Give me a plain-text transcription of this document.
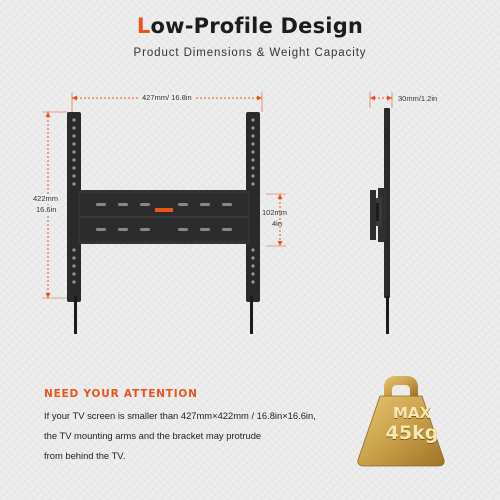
Low-Profile Design
Product Dimensions & Weight Capacity
427mm/ 16.8in
422mm
16.6in	102mm
4in
30mm/1.2in
NEED YOUR ATTENTION
If your TV screen is smaller than 427mm×422mm / 16.8in×16.6in,
the TV mounting arms and the bracket may protrude
from behind the TV.
MAX
45kg
